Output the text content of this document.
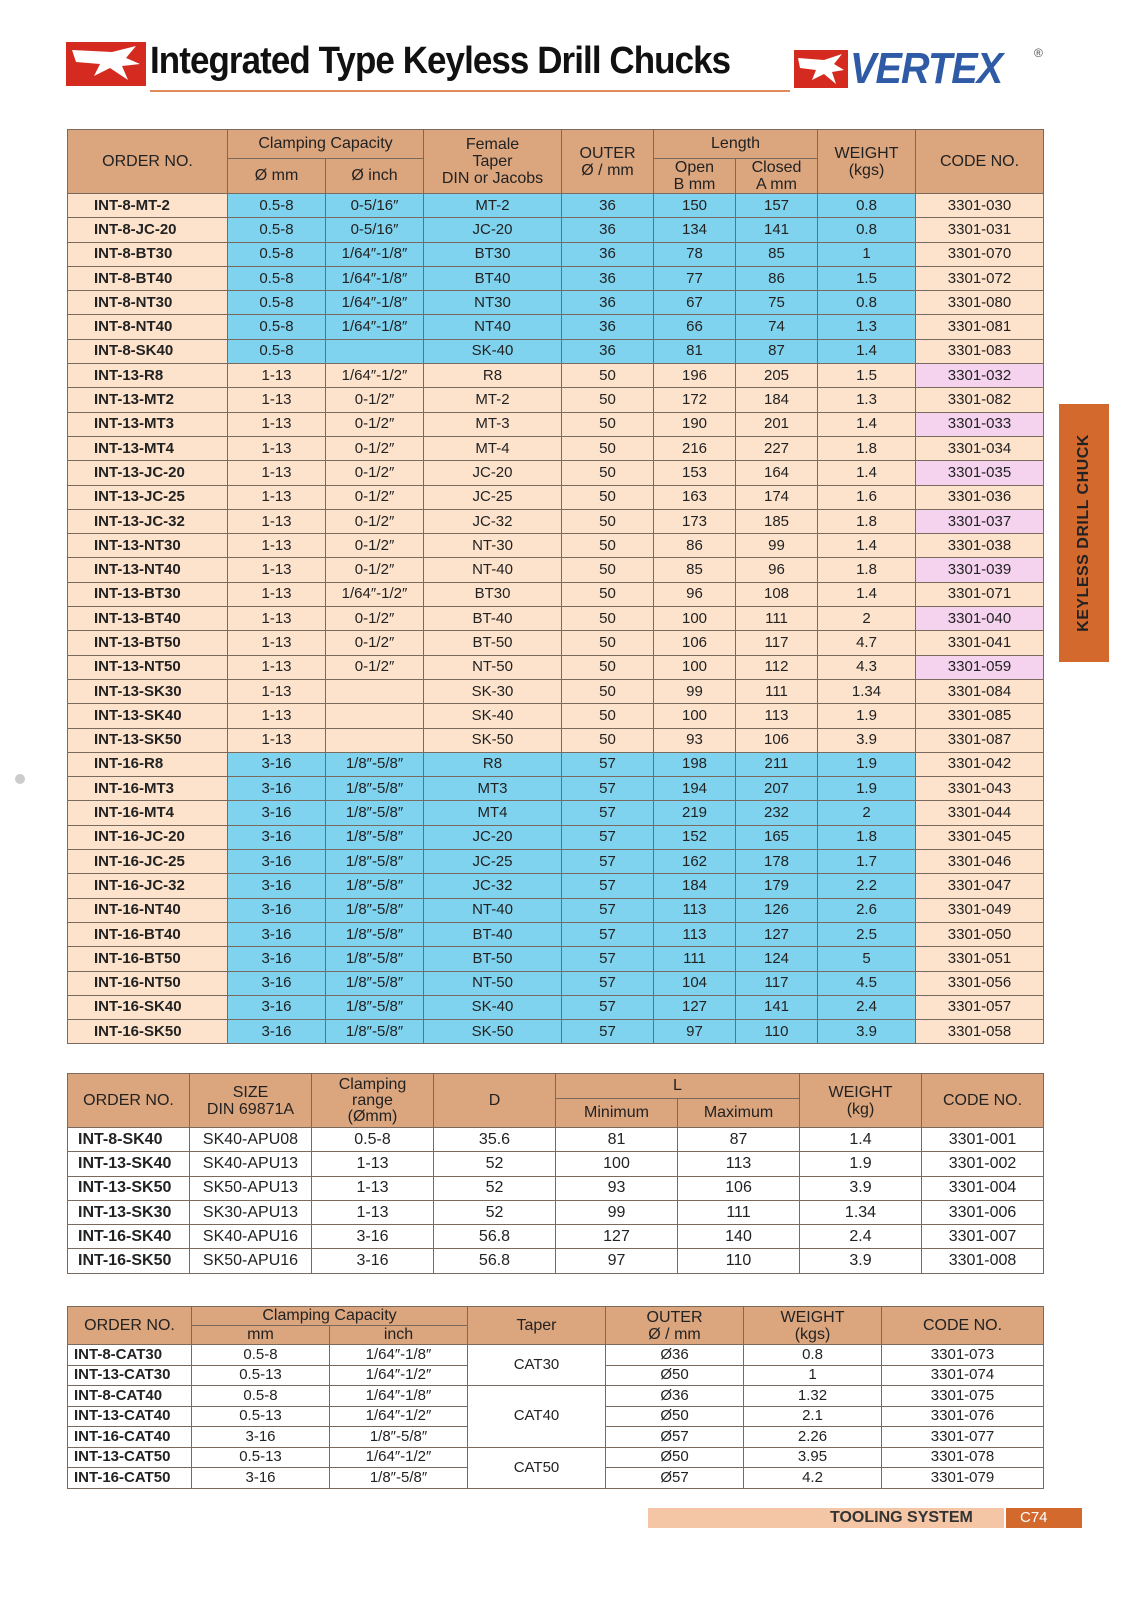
Integrated Type Keyless Drill Chucks	VERTEX	®
KEYLESS DRILL CHUCK
ORDER NO.	Clamping Capacity		Female
Taper
DIN or Jacobs	OUTER
Ø / mm	Length		WEIGHT
(kgs)	CODE NO.
	Ø mm	Ø inch			Open
B mm	Closed
A mm		
INT-8-MT-2	0.5-8	0-5/16″	MT-2	36	150	157	0.8	3301-030
INT-8-JC-20	0.5-8	0-5/16″	JC-20	36	134	141	0.8	3301-031
INT-8-BT30	0.5-8	1/64″-1/8″	BT30	36	78	85	1	3301-070
INT-8-BT40	0.5-8	1/64″-1/8″	BT40	36	77	86	1.5	3301-072
INT-8-NT30	0.5-8	1/64″-1/8″	NT30	36	67	75	0.8	3301-080
INT-8-NT40	0.5-8	1/64″-1/8″	NT40	36	66	74	1.3	3301-081
INT-8-SK40	0.5-8		SK-40	36	81	87	1.4	3301-083
INT-13-R8	1-13	1/64″-1/2″	R8	50	196	205	1.5	3301-032
INT-13-MT2	1-13	0-1/2″	MT-2	50	172	184	1.3	3301-082
INT-13-MT3	1-13	0-1/2″	MT-3	50	190	201	1.4	3301-033
INT-13-MT4	1-13	0-1/2″	MT-4	50	216	227	1.8	3301-034
INT-13-JC-20	1-13	0-1/2″	JC-20	50	153	164	1.4	3301-035
INT-13-JC-25	1-13	0-1/2″	JC-25	50	163	174	1.6	3301-036
INT-13-JC-32	1-13	0-1/2″	JC-32	50	173	185	1.8	3301-037
INT-13-NT30	1-13	0-1/2″	NT-30	50	86	99	1.4	3301-038
INT-13-NT40	1-13	0-1/2″	NT-40	50	85	96	1.8	3301-039
INT-13-BT30	1-13	1/64″-1/2″	BT30	50	96	108	1.4	3301-071
INT-13-BT40	1-13	0-1/2″	BT-40	50	100	111	2	3301-040
INT-13-BT50	1-13	0-1/2″	BT-50	50	106	117	4.7	3301-041
INT-13-NT50	1-13	0-1/2″	NT-50	50	100	112	4.3	3301-059
INT-13-SK30	1-13		SK-30	50	99	111	1.34	3301-084
INT-13-SK40	1-13		SK-40	50	100	113	1.9	3301-085
INT-13-SK50	1-13		SK-50	50	93	106	3.9	3301-087
INT-16-R8	3-16	1/8″-5/8″	R8	57	198	211	1.9	3301-042
INT-16-MT3	3-16	1/8″-5/8″	MT3	57	194	207	1.9	3301-043
INT-16-MT4	3-16	1/8″-5/8″	MT4	57	219	232	2	3301-044
INT-16-JC-20	3-16	1/8″-5/8″	JC-20	57	152	165	1.8	3301-045
INT-16-JC-25	3-16	1/8″-5/8″	JC-25	57	162	178	1.7	3301-046
INT-16-JC-32	3-16	1/8″-5/8″	JC-32	57	184	179	2.2	3301-047
INT-16-NT40	3-16	1/8″-5/8″	NT-40	57	113	126	2.6	3301-049
INT-16-BT40	3-16	1/8″-5/8″	BT-40	57	113	127	2.5	3301-050
INT-16-BT50	3-16	1/8″-5/8″	BT-50	57	111	124	5	3301-051
INT-16-NT50	3-16	1/8″-5/8″	NT-50	57	104	117	4.5	3301-056
INT-16-SK40	3-16	1/8″-5/8″	SK-40	57	127	141	2.4	3301-057
INT-16-SK50	3-16	1/8″-5/8″	SK-50	57	97	110	3.9	3301-058
ORDER NO.	SIZE
DIN 69871A	Clamping
range
(Ømm)	D	L		WEIGHT
(kg)	CODE NO.
				Minimum	Maximum		
INT-8-SK40	SK40-APU08	0.5-8	35.6	81	87	1.4	3301-001
INT-13-SK40	SK40-APU13	1-13	52	100	113	1.9	3301-002
INT-13-SK50	SK50-APU13	1-13	52	93	106	3.9	3301-004
INT-13-SK30	SK30-APU13	1-13	52	99	111	1.34	3301-006
INT-16-SK40	SK40-APU16	3-16	56.8	127	140	2.4	3301-007
INT-16-SK50	SK50-APU16	3-16	56.8	97	110	3.9	3301-008
ORDER NO.	Clamping Capacity		Taper	OUTER
Ø / mm	WEIGHT
(kgs)	CODE NO.
	mm	inch				
INT-8-CAT30	0.5-8	1/64″-1/8″	CAT30	Ø36	0.8	3301-073
INT-13-CAT30	0.5-13	1/64″-1/2″		Ø50	1	3301-074
INT-8-CAT40	0.5-8	1/64″-1/8″	CAT40	Ø36	1.32	3301-075
INT-13-CAT40	0.5-13	1/64″-1/2″		Ø50	2.1	3301-076
INT-16-CAT40	3-16	1/8″-5/8″		Ø57	2.26	3301-077
INT-13-CAT50	0.5-13	1/64″-1/2″	CAT50	Ø50	3.95	3301-078
INT-16-CAT50	3-16	1/8″-5/8″		Ø57	4.2	3301-079
TOOLING SYSTEM	C74
